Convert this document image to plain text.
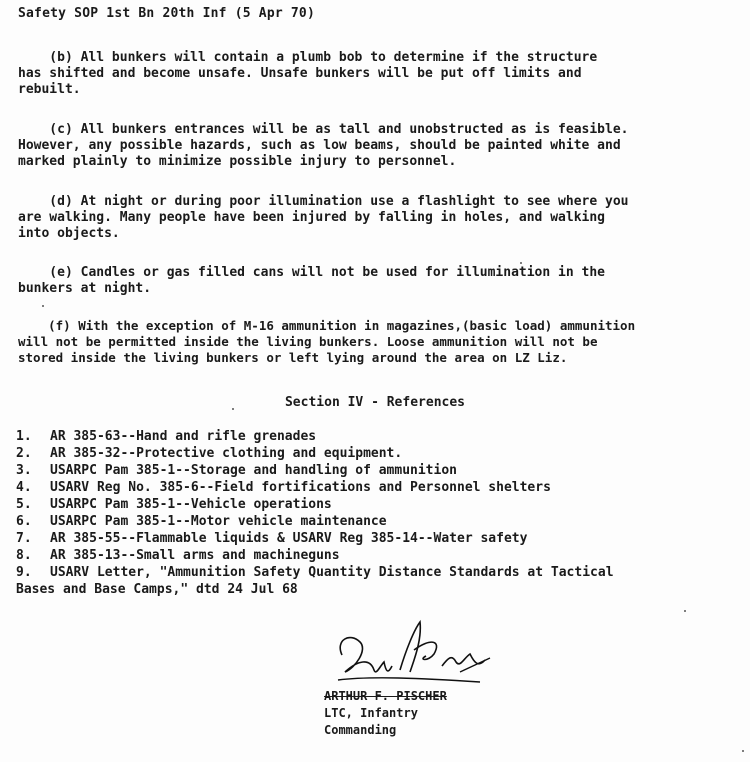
Safety SOP 1st Bn 20th Inf (5 Apr 70)
(b) All bunkers will contain a plumb bob to determine if the structure
has shifted and become unsafe. Unsafe bunkers will be put off limits and
rebuilt.
(c) All bunkers entrances will be as tall and unobstructed as is feasible.
However, any possible hazards, such as low beams, should be painted white and
marked plainly to minimize possible injury to personnel.
(d) At night or during poor illumination use a flashlight to see where you
are walking. Many people have been injured by falling in holes, and walking
into objects.
(e) Candles or gas filled cans will not be used for illumination in the
bunkers at night.
(f) With the exception of M-16 ammunition in magazines,(basic load) ammunition
will not be permitted inside the living bunkers. Loose ammunition will not be
stored inside the living bunkers or left lying around the area on LZ Liz.
Section IV - References
1. AR 385-63--Hand and rifle grenades
2. AR 385-32--Protective clothing and equipment.
3. USARPC Pam 385-1--Storage and handling of ammunition
4. USARV Reg No. 385-6--Field fortifications and Personnel shelters
5. USARPC Pam 385-1--Vehicle operations
6. USARPC Pam 385-1--Motor vehicle maintenance
7. AR 385-55--Flammable liquids & USARV Reg 385-14--Water safety
8. AR 385-13--Small arms and machineguns
9. USARV Letter, "Ammunition Safety Quantity Distance Standards at Tactical
Bases and Base Camps," dtd 24 Jul 68
ARTHUR F. PISCHER
LTC, Infantry
Commanding
